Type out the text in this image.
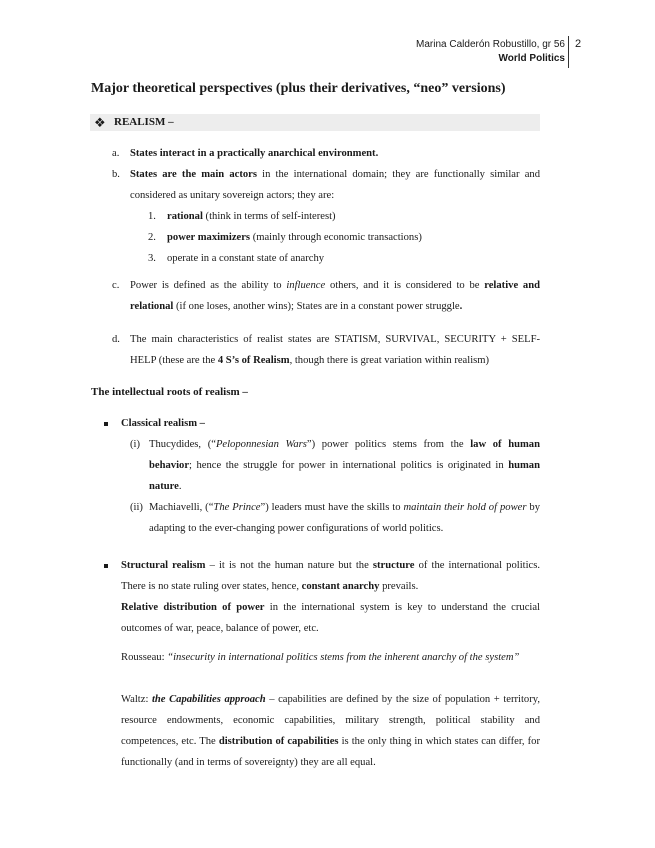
Marina Calderón Robustillo, gr 56
World Politics
2
Major theoretical perspectives (plus their derivatives, “neo” versions)
❖ REALISM –
a. States interact in a practically anarchical environment.
b. States are the main actors in the international domain; they are functionally similar and considered as unitary sovereign actors; they are:
1. rational (think in terms of self-interest)
2. power maximizers (mainly through economic transactions)
3. operate in a constant state of anarchy
c. Power is defined as the ability to influence others, and it is considered to be relative and relational (if one loses, another wins); States are in a constant power struggle.
d. The main characteristics of realist states are STATISM, SURVIVAL, SECURITY + SELF-HELP (these are the 4 S’s of Realism, though there is great variation within realism)
The intellectual roots of realism –
Classical realism –
(i) Thucydides, (“Peloponnesian Wars”) power politics stems from the law of human behavior; hence the struggle for power in international politics is originated in human nature.
(ii) Machiavelli, (“The Prince”) leaders must have the skills to maintain their hold of power by adapting to the ever-changing power configurations of world politics.
Structural realism – it is not the human nature but the structure of the international politics. There is no state ruling over states, hence, constant anarchy prevails.
Relative distribution of power in the international system is key to understand the crucial outcomes of war, peace, balance of power, etc.
Rousseau: “insecurity in international politics stems from the inherent anarchy of the system”
Waltz: the Capabilities approach – capabilities are defined by the size of population + territory, resource endowments, economic capabilities, military strength, political stability and competences, etc. The distribution of capabilities is the only thing in which states can differ, for functionally (and in terms of sovereignty) they are all equal.
